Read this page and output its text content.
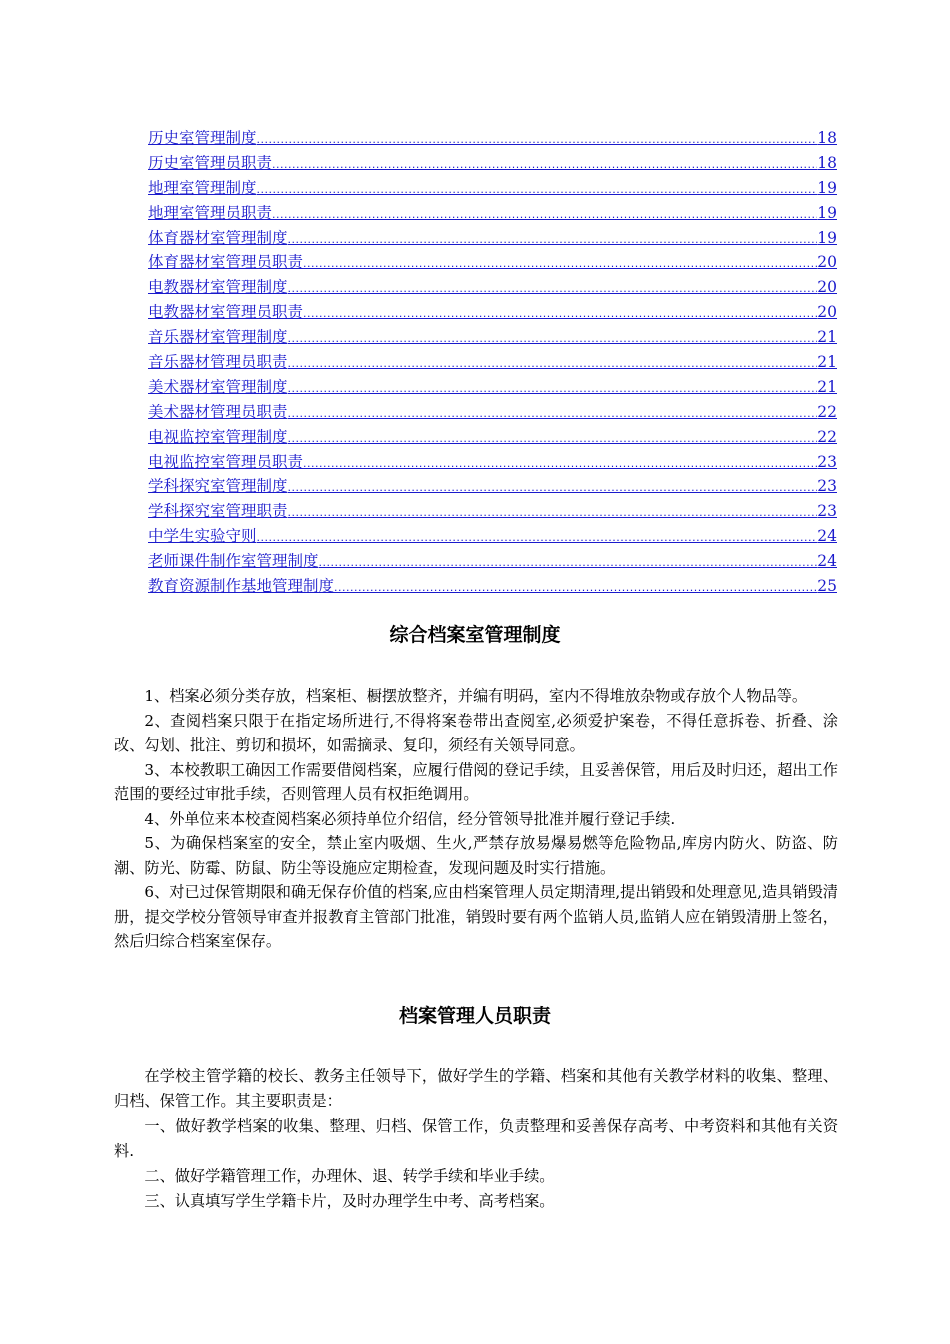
历史室管理制度 .....	18
历史室管理员职责 .....	18
地理室管理制度 .....	19
地理室管理员职责 .....	19
体育器材室管理制度 .....	19
体育器材室管理员职责 .....	20
电教器材室管理制度 .....	20
电教器材室管理员职责 .....	20
音乐器材室管理制度 .....	21
音乐器材管理员职责 .....	21
美术器材室管理制度 .....	21
美术器材管理员职责 .....	22
电视监控室管理制度 .....	22
电视监控室管理员职责 .....	23
学科探究室管理制度 .....	23
学科探究室管理职责 .....	23
中学生实验守则 .....	24
老师课件制作室管理制度 .....	24
教育资源制作基地管理制度 .....	25
综合档案室管理制度

1、档案必须分类存放，档案柜、橱摆放整齐，并编有明码，室内不得堆放杂物或存放个人物品等。

2、查阅档案只限于在指定场所进行,不得将案卷带出查阅室,必须爱护案卷，不得任意拆卷、折叠、涂改、勾划、批注、剪切和损坏，如需摘录、复印，须经有关领导同意。

3、本校教职工确因工作需要借阅档案，应履行借阅的登记手续，且妥善保管，用后及时归还，超出工作范围的要经过审批手续，否则管理人员有权拒绝调用。

4、外单位来本校查阅档案必须持单位介绍信，经分管领导批准并履行登记手续.

5、为确保档案室的安全，禁止室内吸烟、生火,严禁存放易爆易燃等危险物品,库房内防火、防盗、防潮、防光、防霉、防鼠、防尘等设施应定期检查，发现问题及时实行措施。

6、对已过保管期限和确无保存价值的档案,应由档案管理人员定期清理,提出销毁和处理意见,造具销毁清册，提交学校分管领导审查并报教育主管部门批准，销毁时要有两个监销人员,监销人应在销毁清册上签名，然后归综合档案室保存。

档案管理人员职责

在学校主管学籍的校长、教务主任领导下，做好学生的学籍、档案和其他有关教学材料的收集、整理、归档、保管工作。其主要职责是：

一、做好教学档案的收集、整理、归档、保管工作，负责整理和妥善保存高考、中考资料和其他有关资料.

二、做好学籍管理工作，办理休、退、转学手续和毕业手续。

三、认真填写学生学籍卡片，及时办理学生中考、高考档案。
